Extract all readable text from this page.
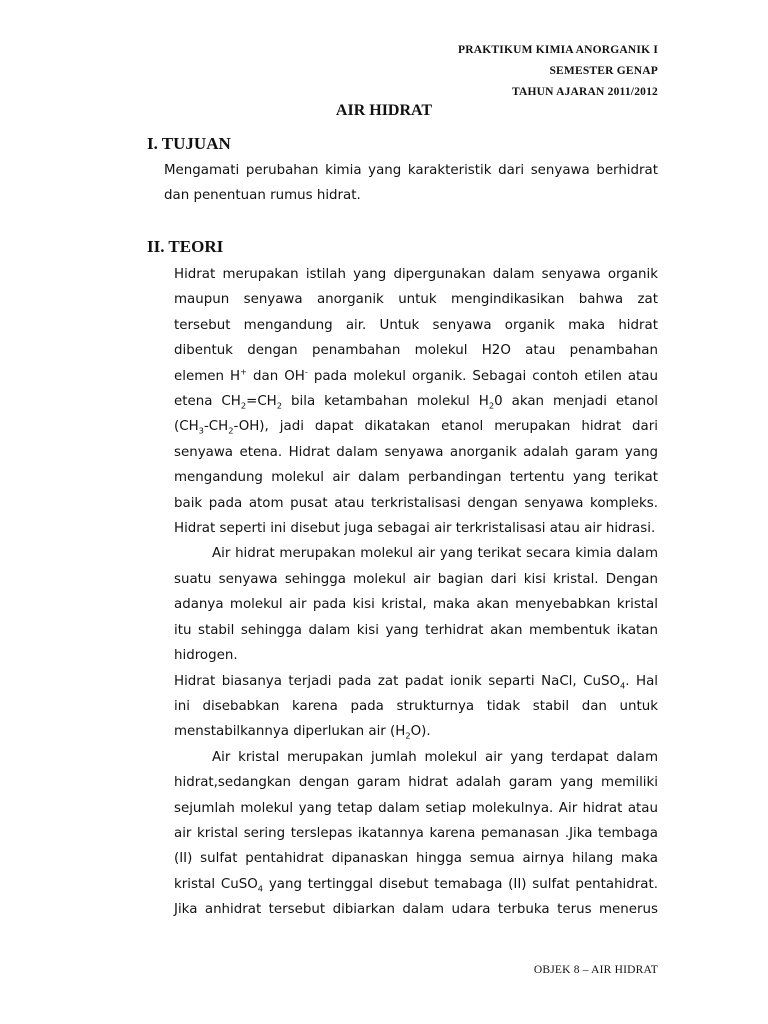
PRAKTIKUM KIMIA ANORGANIK I
SEMESTER GENAP
TAHUN AJARAN 2011/2012
AIR HIDRAT
I. TUJUAN

Mengamati perubahan kimia yang karakteristik dari senyawa berhidrat
dan penentuan rumus hidrat.

II. TEORI

Hidrat merupakan istilah yang dipergunakan dalam senyawa organik
maupun senyawa anorganik untuk mengindikasikan bahwa zat
tersebut mengandung air. Untuk senyawa organik maka hidrat
dibentuk dengan penambahan molekul H2O atau penambahan
elemen H+ dan OH- pada molekul organik. Sebagai contoh etilen atau
etena $CH_2=CH_2$ bila ketambahan molekul $H_20$ akan menjadi etanol
$(CH_3-CH_2-OH)$, jadi dapat dikatakan etanol merupakan hidrat dari
senyawa etena. Hidrat dalam senyawa anorganik adalah garam yang
mengandung molekul air dalam perbandingan tertentu yang terikat
baik pada atom pusat atau terkristalisasi dengan senyawa kompleks.
Hidrat seperti ini disebut juga sebagai air terkristalisasi atau air hidrasi.
Air hidrat merupakan molekul air yang terikat secara kimia dalam
suatu senyawa sehingga molekul air bagian dari kisi kristal. Dengan
adanya molekul air pada kisi kristal, maka akan menyebabkan kristal
itu stabil sehingga dalam kisi yang terhidrat akan membentuk ikatan
hidrogen.
Hidrat biasanya terjadi pada zat padat ionik separti NaCl, CuSO$_4$. Hal
ini disebabkan karena pada strukturnya tidak stabil dan untuk
menstabilkannya diperlukan air $(H_2O)$.
Air kristal merupakan jumlah molekul air yang terdapat dalam
hidrat,sedangkan dengan garam hidrat adalah garam yang memiliki
sejumlah molekul yang tetap dalam setiap molekulnya. Air hidrat atau
air kristal sering terslepas ikatannya karena pemanasan .Jika tembaga
(II) sulfat pentahidrat dipanaskan hingga semua airnya hilang maka
kristal CuSO$_4$ yang tertinggal disebut temabaga (II) sulfat pentahidrat.
Jika anhidrat tersebut dibiarkan dalam udara terbuka terus menerus

OBJEK 8 – AIR HIDRAT
